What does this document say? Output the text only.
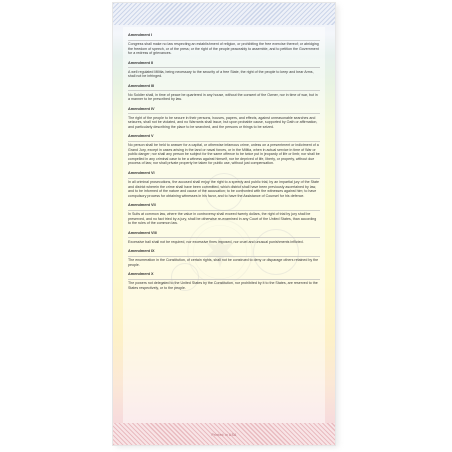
Amendment I

Congress shall make no law respecting an establishment of religion, or prohibiting the free exercise thereof; or abridging the freedom of speech, or of the press; or the right of the people peaceably to assemble, and to petition the Government for a redress of grievances.

Amendment II

A well regulated Militia, being necessary to the security of a free State, the right of the people to keep and bear Arms, shall not be infringed.

Amendment III

No Soldier shall, in time of peace be quartered in any house, without the consent of the Owner, nor in time of war, but in a manner to be prescribed by law.

Amendment IV

The right of the people to be secure in their persons, houses, papers, and effects, against unreasonable searches and seizures, shall not be violated, and no Warrants shall issue, but upon probable cause, supported by Oath or affirmation, and particularly describing the place to be searched, and the persons or things to be seized.

Amendment V

No person shall be held to answer for a capital, or otherwise infamous crime, unless on a presentment or indictment of a Grand Jury, except in cases arising in the land or naval forces, or in the Militia, when in actual service in time of War or public danger; nor shall any person be subject for the same offence to be twice put in jeopardy of life or limb; nor shall be compelled in any criminal case to be a witness against himself, nor be deprived of life, liberty, or property, without due process of law; nor shall private property be taken for public use, without just compensation.

Amendment VI

In all criminal prosecutions, the accused shall enjoy the right to a speedy and public trial, by an impartial jury of the State and district wherein the crime shall have been committed, which district shall have been previously ascertained by law, and to be informed of the nature and cause of the accusation; to be confronted with the witnesses against him; to have compulsory process for obtaining witnesses in his favor, and to have the Assistance of Counsel for his defence.

Amendment VII

In Suits at common law, where the value in controversy shall exceed twenty dollars, the right of trial by jury shall be preserved, and no fact tried by a jury, shall be otherwise re-examined in any Court of the United States, than according to the rules of the common law.

Amendment VIII

Excessive bail shall not be required, nor excessive fines imposed, nor cruel and unusual punishments inflicted.

Amendment IX

The enumeration in the Constitution, of certain rights, shall not be construed to deny or disparage others retained by the people.

Amendment X

The powers not delegated to the United States by the Constitution, nor prohibited by it to the States, are reserved to the States respectively, or to the people.

Printed in USA
